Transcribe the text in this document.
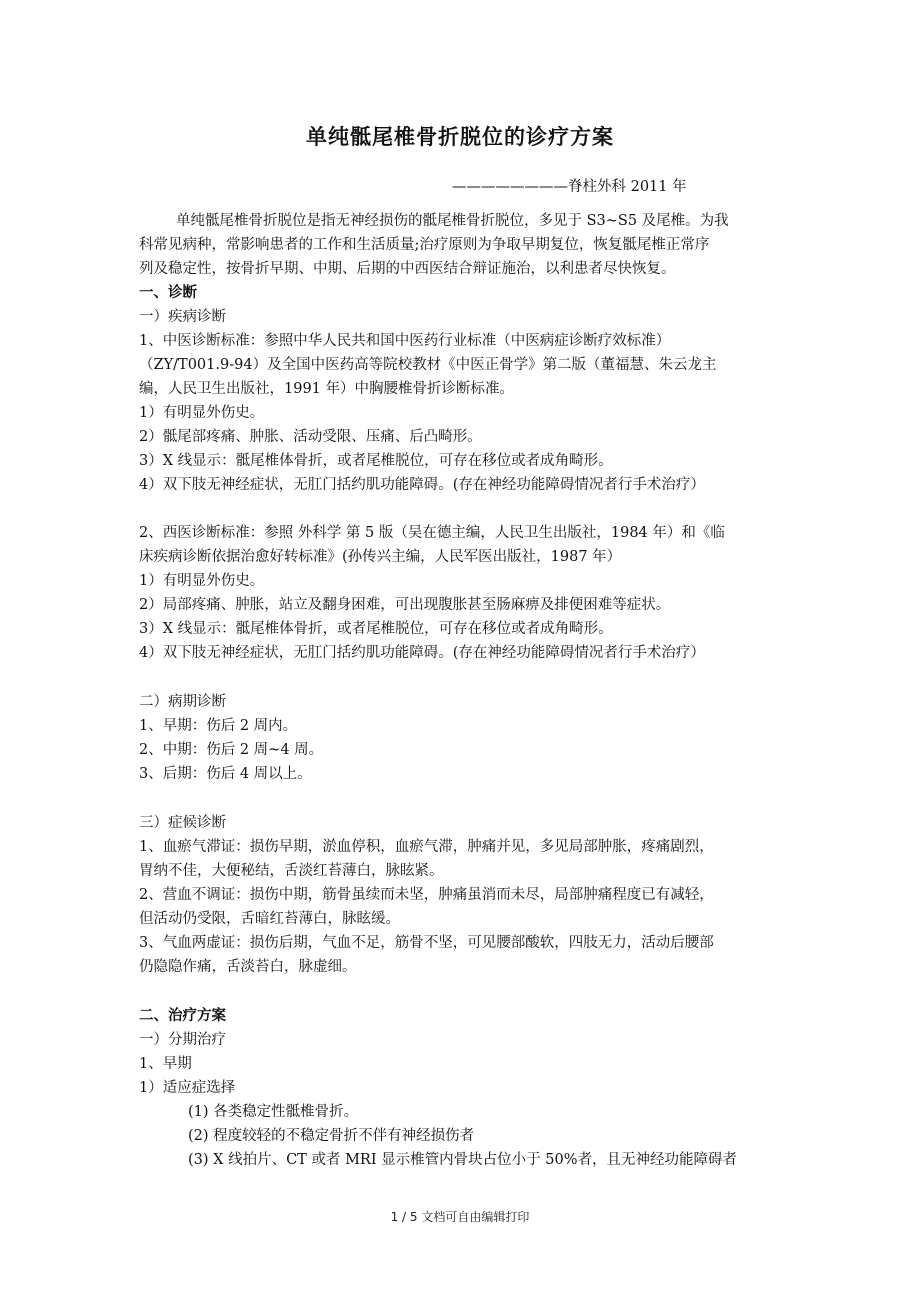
单纯骶尾椎骨折脱位的诊疗方案
————————脊柱外科 2011 年
单纯骶尾椎骨折脱位是指无神经损伤的骶尾椎骨折脱位，多见于 S3~S5 及尾椎。为我
科常见病种，常影响患者的工作和生活质量;治疗原则为争取早期复位，恢复骶尾椎正常序
列及稳定性，按骨折早期、中期、后期的中西医结合辩证施治，以利患者尽快恢复。
一、诊断
一）疾病诊断
1、中医诊断标准：参照中华人民共和国中医药行业标准（中医病症诊断疗效标准）
（ZY/T001.9-94）及全国中医药高等院校教材《中医正骨学》第二版（董福慧、朱云龙主
编，人民卫生出版社，1991 年）中胸腰椎骨折诊断标准。
1）有明显外伤史。
2）骶尾部疼痛、肿胀、活动受限、压痛、后凸畸形。
3）X 线显示：骶尾椎体骨折，或者尾椎脱位，可存在移位或者成角畸形。
4）双下肢无神经症状，无肛门括约肌功能障碍。(存在神经功能障碍情况者行手术治疗）
2、西医诊断标准：参照 外科学 第 5 版（吴在德主编，人民卫生出版社，1984 年）和《临
床疾病诊断依据治愈好转标准》(孙传兴主编，人民军医出版社，1987 年）
1）有明显外伤史。
2）局部疼痛、肿胀，站立及翻身困难，可出现腹胀甚至肠麻痹及排便困难等症状。
3）X 线显示：骶尾椎体骨折，或者尾椎脱位，可存在移位或者成角畸形。
4）双下肢无神经症状，无肛门括约肌功能障碍。(存在神经功能障碍情况者行手术治疗）
二）病期诊断
1、早期：伤后 2 周内。
2、中期：伤后 2 周~4 周。
3、后期：伤后 4 周以上。
三）症候诊断
1、血瘀气滞证：损伤早期，淤血停积，血瘀气滞，肿痛并见，多见局部肿胀，疼痛剧烈，
胃纳不佳，大便秘结，舌淡红苔薄白，脉眩紧。
2、营血不调证：损伤中期，筋骨虽续而未坚，肿痛虽消而未尽，局部肿痛程度已有减轻，
但活动仍受限，舌暗红苔薄白，脉眩缓。
3、气血两虚证：损伤后期，气血不足，筋骨不坚，可见腰部酸软，四肢无力，活动后腰部
仍隐隐作痛，舌淡苔白，脉虚细。
二、治疗方案
一）分期治疗
1、早期
1）适应症选择
(1) 各类稳定性骶椎骨折。
(2) 程度较轻的不稳定骨折不伴有神经损伤者
(3) X 线拍片、CT 或者 MRI 显示椎管内骨块占位小于 50%者，且无神经功能障碍者
1 / 5 文档可自由编辑打印
